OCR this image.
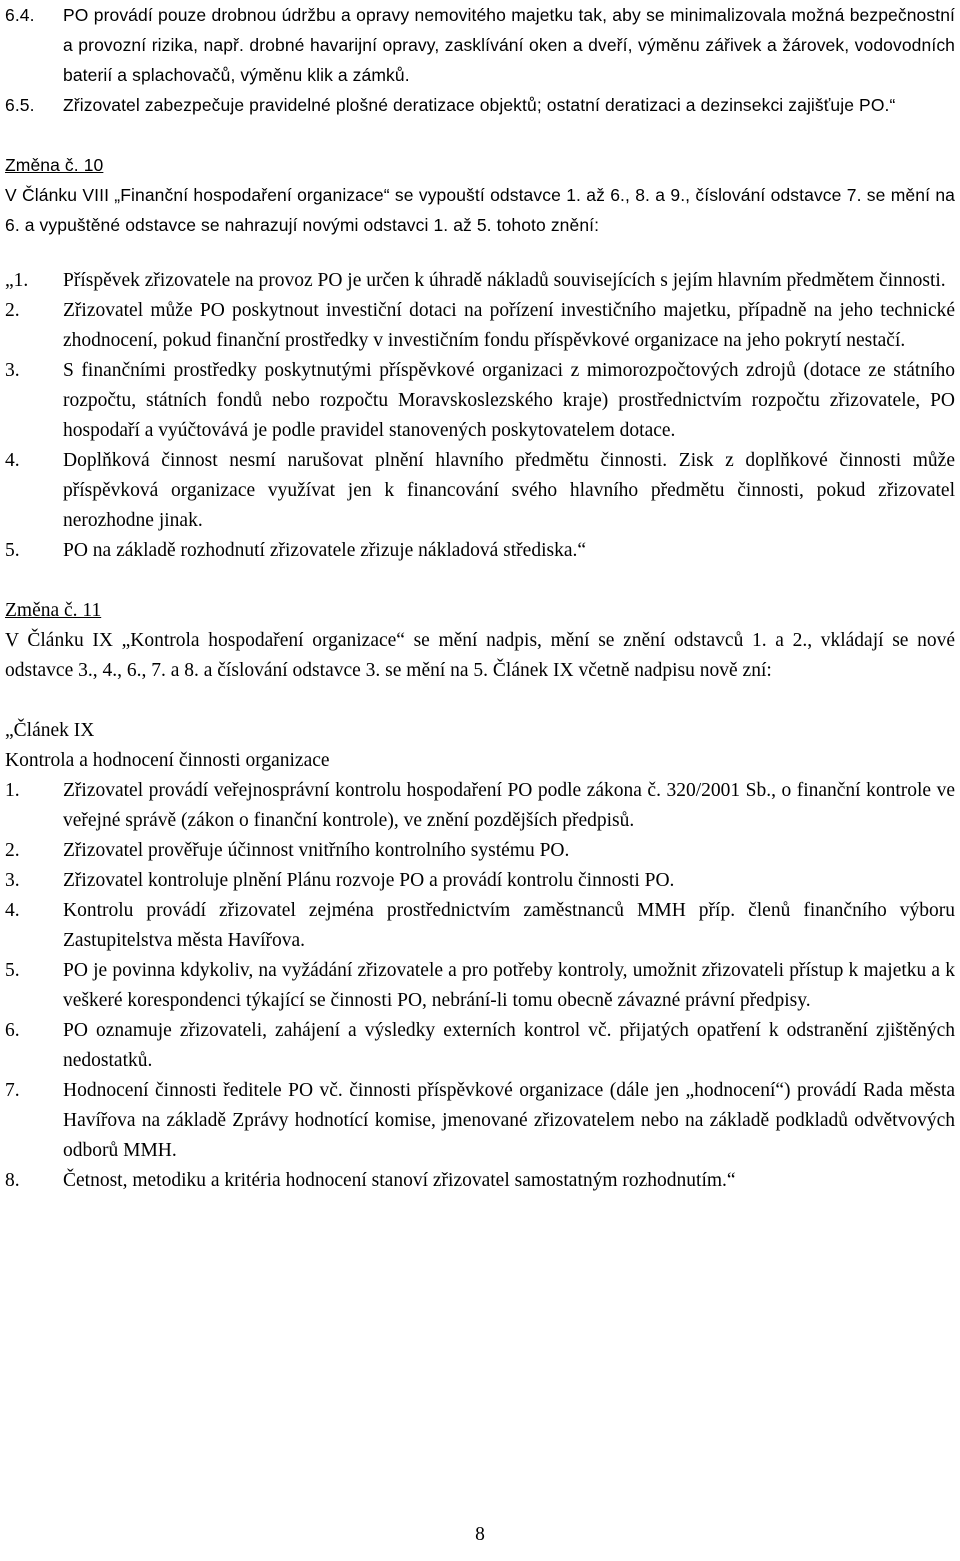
6.4.	PO provádí pouze drobnou údržbu a opravy nemovitého majetku tak, aby se minimalizovala možná bezpečnostní a provozní rizika, např. drobné havarijní opravy, zasklívání oken a dveří, výměnu zářivek a žárovek, vodovodních baterií a splachovačů, výměnu klik a zámků.
6.5.	Zřizovatel zabezpečuje pravidelné plošné deratizace objektů; ostatní deratizaci a dezinsekci zajišťuje PO.“
Změna č. 10
V Článku VIII „Finanční hospodaření organizace“ se vypouští odstavce 1. až 6., 8. a 9., číslování odstavce 7. se mění na 6. a vypuštěné odstavce se nahrazují novými odstavci 1. až 5. tohoto znění:
„1.	Příspěvek zřizovatele na provoz PO je určen k úhradě nákladů souvisejících s jejím hlavním předmětem činnosti.
2.	Zřizovatel může PO poskytnout investiční dotaci na pořízení investičního majetku, případně na jeho technické zhodnocení, pokud finanční prostředky v investičním fondu příspěvkové organizace na jeho pokrytí nestačí.
3.	S finančními prostředky poskytnutými příspěvkové organizaci z mimorozpočtových zdrojů (dotace ze státního rozpočtu, státních fondů nebo rozpočtu Moravskoslezského kraje) prostřednictvím rozpočtu zřizovatele, PO hospodaří a vyúčtovává je podle pravidel stanovených poskytovatelem dotace.
4.	Doplňková činnost nesmí narušovat plnění hlavního předmětu činnosti. Zisk z doplňkové činnosti může příspěvková organizace využívat jen k financování svého hlavního předmětu činnosti, pokud zřizovatel nerozhodne jinak.
5.	PO na základě rozhodnutí zřizovatele zřizuje nákladová střediska.“
Změna č. 11
V Článku IX „Kontrola hospodaření organizace“ se mění nadpis, mění se znění odstavců 1. a 2., vkládají se nové odstavce 3., 4., 6., 7. a 8. a číslování odstavce 3. se mění na 5. Článek IX včetně nadpisu nově zní:
„Článek IX
Kontrola a hodnocení činnosti organizace
1.	Zřizovatel provádí veřejnosprávní kontrolu hospodaření PO podle zákona č. 320/2001 Sb., o finanční kontrole ve veřejné správě (zákon o finanční kontrole), ve znění pozdějších předpisů.
2.	Zřizovatel prověřuje účinnost vnitřního kontrolního systému PO.
3.	Zřizovatel kontroluje plnění Plánu rozvoje PO a provádí kontrolu činnosti PO.
4.	Kontrolu provádí zřizovatel zejména prostřednictvím zaměstnanců MMH příp. členů finančního výboru Zastupitelstva města Havířova.
5.	PO je povinna kdykoliv, na vyžádání zřizovatele a pro potřeby kontroly, umožnit zřizovateli přístup k majetku a k veškeré korespondenci týkající se činnosti PO, nebrání-li tomu obecně závazné právní předpisy.
6.	PO oznamuje zřizovateli, zahájení a výsledky externích kontrol vč. přijatých opatření k odstranění zjištěných nedostatků.
7.	Hodnocení činnosti ředitele PO vč. činnosti příspěvkové organizace (dále jen „hodnocení“) provádí Rada města Havířova na základě Zprávy hodnotící komise, jmenované zřizovatelem nebo na základě podkladů odvětvových odborů MMH.
8.	Četnost, metodiku a kritéria hodnocení stanoví zřizovatel samostatným rozhodnutím.“
8
